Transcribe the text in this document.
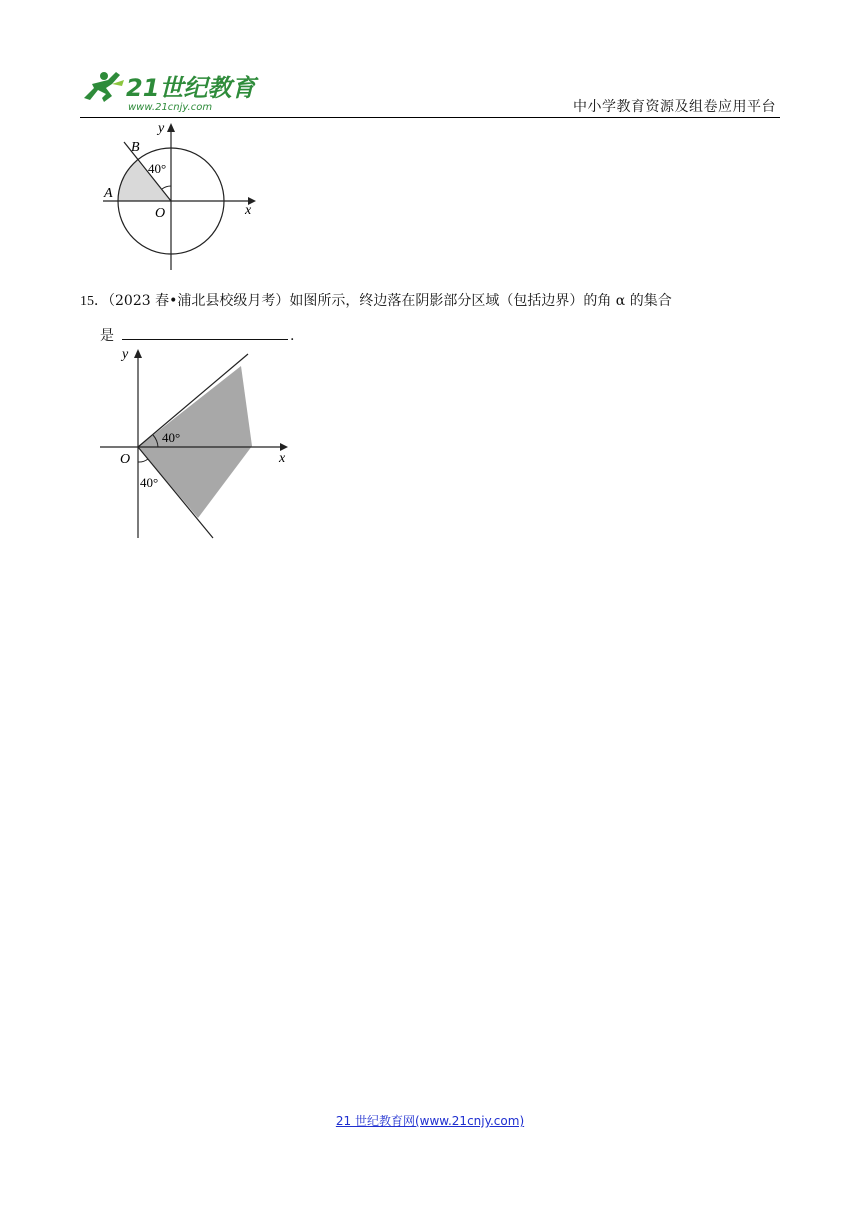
21世纪教育
www.21cnjy.com	中小学教育资源及组卷应用平台
y
x
O
A
B
40°
15．（2023 春•浦北县校级月考）如图所示，终边落在阴影部分区域（包括边界）的角 α 的集合
是	.
y
x
O
40°
40°
21 世纪教育网(www.21cnjy.com)
